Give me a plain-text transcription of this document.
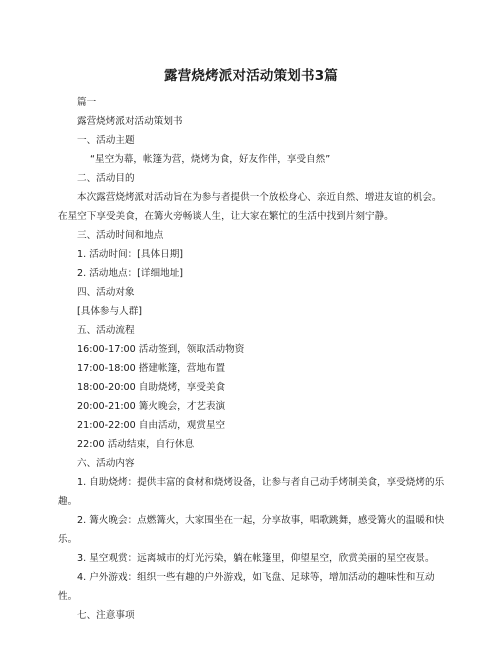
露营烧烤派对活动策划书3篇

篇一

露营烧烤派对活动策划书

一、活动主题

“星空为幕，帐篷为营，烧烤为食，好友作伴，享受自然”

二、活动目的

本次露营烧烤派对活动旨在为参与者提供一个放松身心、亲近自然、增进友谊的机会。在星空下享受美食，在篝火旁畅谈人生，让大家在繁忙的生活中找到片刻宁静。

三、活动时间和地点

1. 活动时间：[具体日期]

2. 活动地点：[详细地址]

四、活动对象

[具体参与人群]

五、活动流程

16:00-17:00 活动签到，领取活动物资

17:00-18:00 搭建帐篷，营地布置

18:00-20:00 自助烧烤，享受美食

20:00-21:00 篝火晚会，才艺表演

21:00-22:00 自由活动，观赏星空

22:00 活动结束，自行休息

六、活动内容

1. 自助烧烤：提供丰富的食材和烧烤设备，让参与者自己动手烤制美食，享受烧烤的乐趣。

2. 篝火晚会：点燃篝火，大家围坐在一起，分享故事，唱歌跳舞，感受篝火的温暖和快乐。

3. 星空观赏：远离城市的灯光污染，躺在帐篷里，仰望星空，欣赏美丽的星空夜景。

4. 户外游戏：组织一些有趣的户外游戏，如飞盘、足球等，增加活动的趣味性和互动性。

七、注意事项
